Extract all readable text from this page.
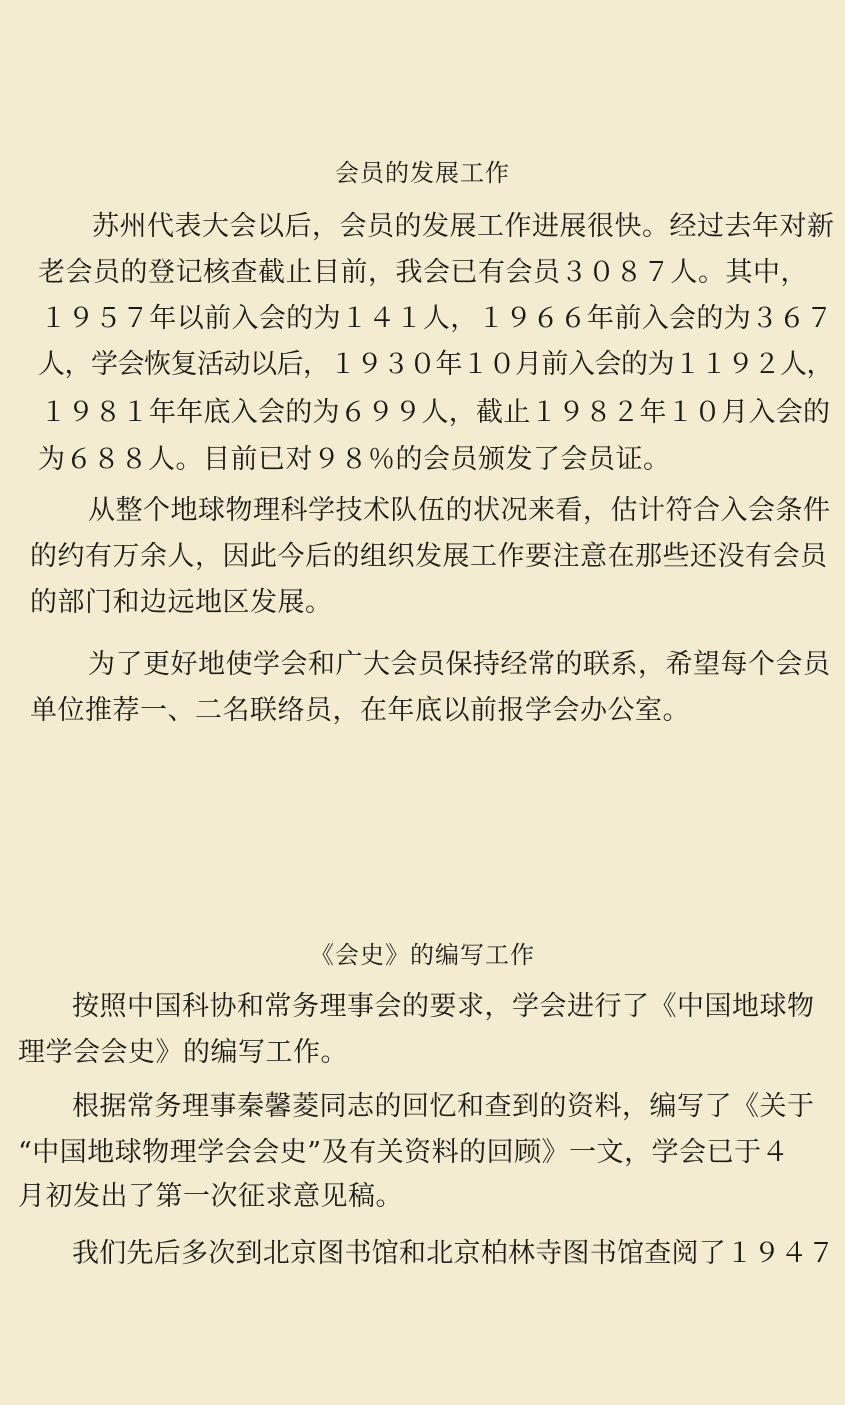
会员的发展工作
苏州代表大会以后，会员的发展工作进展很快。经过去年对新
老会员的登记核查截止目前，我会已有会员３０８７人。其中，
１９５７年以前入会的为１４１人，１９６６年前入会的为３６７
人，学会恢复活动以后，１９３０年１０月前入会的为１１９２人，
１９８１年年底入会的为６９９人，截止１９８２年１０月入会的
为６８８人。目前已对９８％的会员颁发了会员证。
从整个地球物理科学技术队伍的状况来看，估计符合入会条件
的约有万余人，因此今后的组织发展工作要注意在那些还没有会员
的部门和边远地区发展。
为了更好地使学会和广大会员保持经常的联系，希望每个会员
单位推荐一、二名联络员，在年底以前报学会办公室。
《会史》的编写工作
按照中国科协和常务理事会的要求，学会进行了《中国地球物
理学会会史》的编写工作。
根据常务理事秦馨菱同志的回忆和查到的资料，编写了《关于
“中国地球物理学会会史”及有关资料的回顾》一文，学会已于４
月初发出了第一次征求意见稿。
我们先后多次到北京图书馆和北京柏林寺图书馆查阅了１９４７
